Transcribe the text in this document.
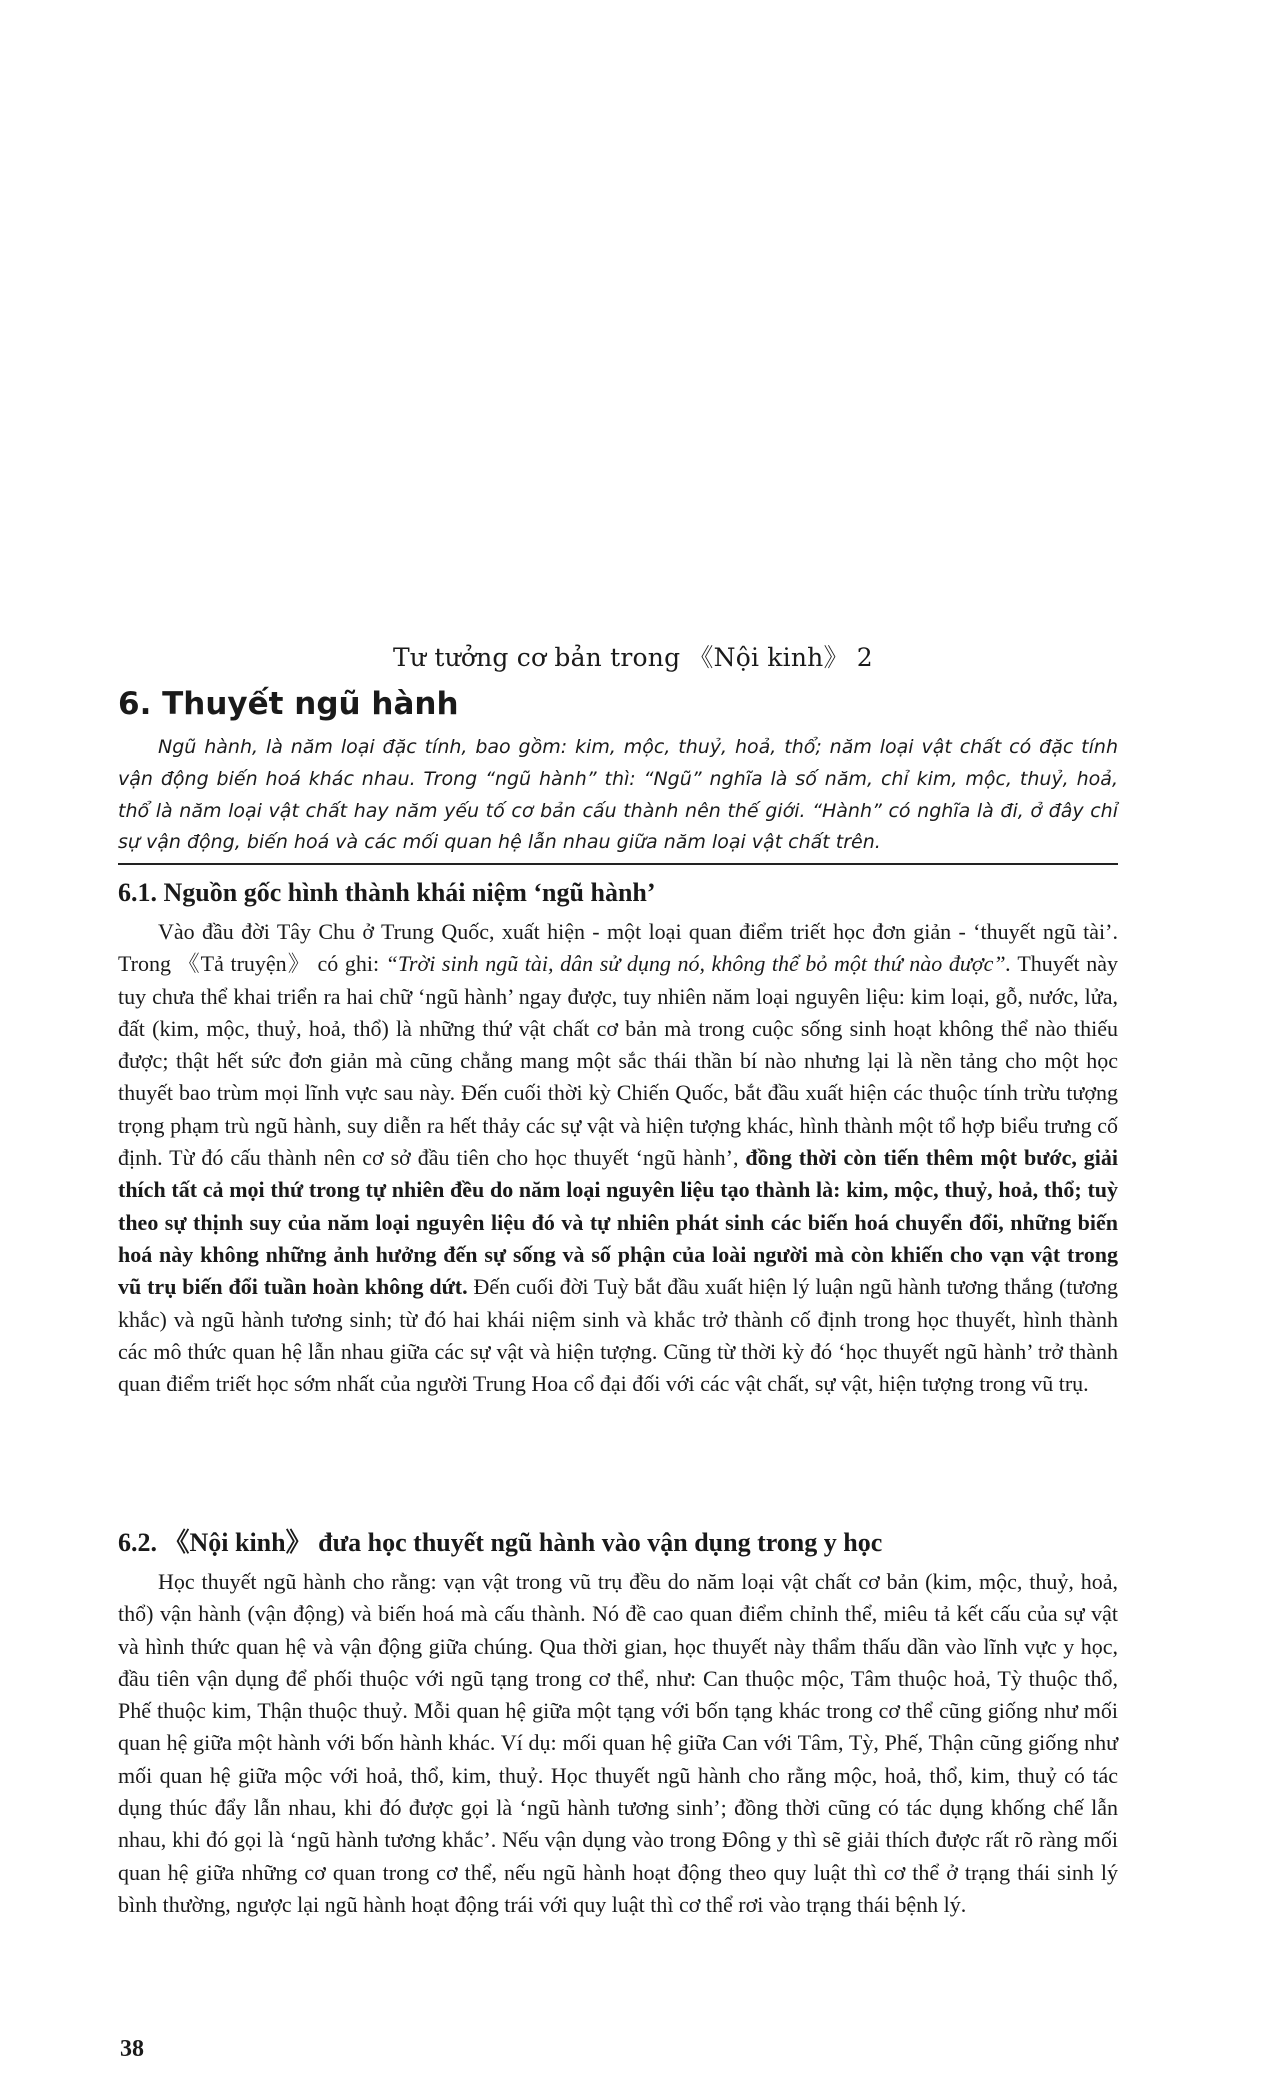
Tư tưởng cơ bản trong 《Nội kinh》 2
6. Thuyết ngũ hành
Ngũ hành, là năm loại đặc tính, bao gồm: kim, mộc, thuỷ, hoả, thổ; năm loại vật chất có đặc tính vận động biến hoá khác nhau. Trong “ngũ hành” thì: “Ngũ” nghĩa là số năm, chỉ kim, mộc, thuỷ, hoả, thổ là năm loại vật chất hay năm yếu tố cơ bản cấu thành nên thế giới. “Hành” có nghĩa là đi, ở đây chỉ sự vận động, biến hoá và các mối quan hệ lẫn nhau giữa năm loại vật chất trên.
6.1. Nguồn gốc hình thành khái niệm ‘ngũ hành’

Vào đầu đời Tây Chu ở Trung Quốc, xuất hiện - một loại quan điểm triết học đơn giản - ‘thuyết ngũ tài’. Trong 《Tả truyện》 có ghi: “Trời sinh ngũ tài, dân sử dụng nó, không thể bỏ một thứ nào được”. Thuyết này tuy chưa thể khai triển ra hai chữ ‘ngũ hành’ ngay được, tuy nhiên năm loại nguyên liệu: kim loại, gỗ, nước, lửa, đất (kim, mộc, thuỷ, hoả, thổ) là những thứ vật chất cơ bản mà trong cuộc sống sinh hoạt không thể nào thiếu được; thật hết sức đơn giản mà cũng chẳng mang một sắc thái thần bí nào nhưng lại là nền tảng cho một học thuyết bao trùm mọi lĩnh vực sau này. Đến cuối thời kỳ Chiến Quốc, bắt đầu xuất hiện các thuộc tính trừu tượng trọng phạm trù ngũ hành, suy diễn ra hết thảy các sự vật và hiện tượng khác, hình thành một tổ hợp biểu trưng cố định. Từ đó cấu thành nên cơ sở đầu tiên cho học thuyết ‘ngũ hành’, đồng thời còn tiến thêm một bước, giải thích tất cả mọi thứ trong tự nhiên đều do năm loại nguyên liệu tạo thành là: kim, mộc, thuỷ, hoả, thổ; tuỳ theo sự thịnh suy của năm loại nguyên liệu đó và tự nhiên phát sinh các biến hoá chuyển đổi, những biến hoá này không những ảnh hưởng đến sự sống và số phận của loài người mà còn khiến cho vạn vật trong vũ trụ biến đổi tuần hoàn không dứt. Đến cuối đời Tuỳ bắt đầu xuất hiện lý luận ngũ hành tương thắng (tương khắc) và ngũ hành tương sinh; từ đó hai khái niệm sinh và khắc trở thành cố định trong học thuyết, hình thành các mô thức quan hệ lẫn nhau giữa các sự vật và hiện tượng. Cũng từ thời kỳ đó ‘học thuyết ngũ hành’ trở thành quan điểm triết học sớm nhất của người Trung Hoa cổ đại đối với các vật chất, sự vật, hiện tượng trong vũ trụ.

6.2. 《Nội kinh》 đưa học thuyết ngũ hành vào vận dụng trong y học

Học thuyết ngũ hành cho rằng: vạn vật trong vũ trụ đều do năm loại vật chất cơ bản (kim, mộc, thuỷ, hoả, thổ) vận hành (vận động) và biến hoá mà cấu thành. Nó đề cao quan điểm chỉnh thể, miêu tả kết cấu của sự vật và hình thức quan hệ và vận động giữa chúng. Qua thời gian, học thuyết này thẩm thấu dần vào lĩnh vực y học, đầu tiên vận dụng để phối thuộc với ngũ tạng trong cơ thể, như: Can thuộc mộc, Tâm thuộc hoả, Tỳ thuộc thổ, Phế thuộc kim, Thận thuộc thuỷ. Mỗi quan hệ giữa một tạng với bốn tạng khác trong cơ thể cũng giống như mối quan hệ giữa một hành với bốn hành khác. Ví dụ: mối quan hệ giữa Can với Tâm, Tỳ, Phế, Thận cũng giống như mối quan hệ giữa mộc với hoả, thổ, kim, thuỷ. Học thuyết ngũ hành cho rằng mộc, hoả, thổ, kim, thuỷ có tác dụng thúc đẩy lẫn nhau, khi đó được gọi là ‘ngũ hành tương sinh’; đồng thời cũng có tác dụng khống chế lẫn nhau, khi đó gọi là ‘ngũ hành tương khắc’. Nếu vận dụng vào trong Đông y thì sẽ giải thích được rất rõ ràng mối quan hệ giữa những cơ quan trong cơ thể, nếu ngũ hành hoạt động theo quy luật thì cơ thể ở trạng thái sinh lý bình thường, ngược lại ngũ hành hoạt động trái với quy luật thì cơ thể rơi vào trạng thái bệnh lý.

38
